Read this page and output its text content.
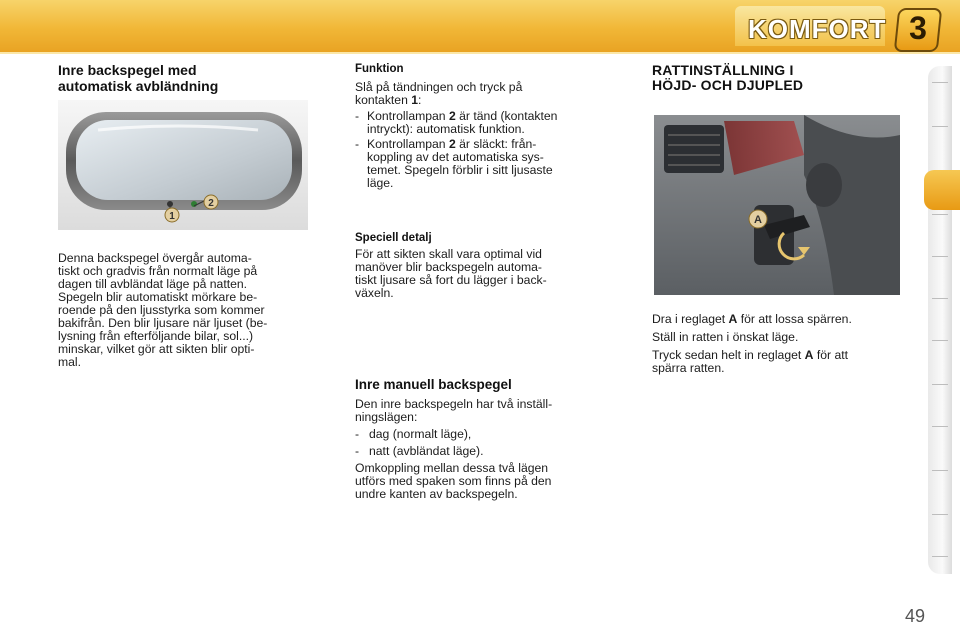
KOMFORT 3
Inre backspegel med
automatisk avbländning
1
2
Denna backspegel övergår automa-
tiskt och gradvis från normalt läge på
dagen till avbländat läge på natten.
Spegeln blir automatiskt mörkare be-
roende på den ljusstyrka som kommer
bakifrån. Den blir ljusare när ljuset (be-
lysning från efterföljande bilar, sol...)
minskar, vilket gör att sikten blir opti-
mal.
Funktion
Slå på tändningen och tryck på
kontakten 1:
- Kontrollampan 2 är tänd (kontakten
intryckt): automatisk funktion.
- Kontrollampan 2 är släckt: från-
koppling av det automatiska sys-
temet. Spegeln förblir i sitt ljusaste
läge.
Speciell detalj
För att sikten skall vara optimal vid
manöver blir backspegeln automa-
tiskt ljusare så fort du lägger i back-
växeln.
Inre manuell backspegel
Den inre backspegeln har två inställ-
ningslägen:
- dag (normalt läge),
- natt (avbländat läge).
Omkoppling mellan dessa två lägen
utförs med spaken som finns på den
undre kanten av backspegeln.
RATTINSTÄLLNING I
HÖJD- OCH DJUPLED
A
Dra i reglaget A för att lossa spärren.
Ställ in ratten i önskat läge.
Tryck sedan helt in reglaget A för att
spärra ratten.
49
